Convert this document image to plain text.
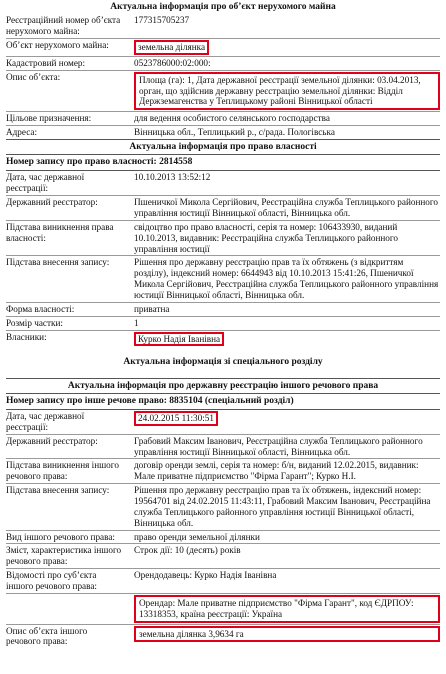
Актуальна інформація про об’єкт нерухомого майна
Реєстраційний номер об’єкта нерухомого майна:	177315705237
Об’єкт нерухомого майна:	земельна ділянка
Кадастровий номер:	0523786000:02:000:
Опис об’єкта:	Площа (га): 1, Дата державної реєстрації земельної ділянки: 03.04.2013, орган, що здійснив державну реєстрацію земельної ділянки: Відділ Держземагенства у Теплицькому районі Вінницької області

Цільове призначення:	для ведення особистого селянського господарства
Адреса:	Вінницька обл., Теплицький р., с/рада. Пологівська
Актуальна інформація про право власності
Номер запису про право власності: 2814558
Дата, час державної реєстрації:	10.10.2013 13:52:12
Державний реєстратор:	Пшеничкої Микола Сергійович, Реєстраційна служба Теплицького районного управління юстиції Вінницької області, Вінницька обл.
Підстава виникнення права власності:	свідоцтво про право власності, серія та номер: 106433930, виданий 10.10.2013, видавник: Реєстраційна служба Теплицького районного управління юстиції
Підстава внесення запису:	Рішення про державну реєстрацію прав та їх обтяжень (з відкриттям розділу), індексний номер: 6644943 від 10.10.2013 15:41:26, Пшеничкої Микола Сергійович, Реєстраційна служба Теплицького районного управління юстиції Вінницької області, Вінницька обл.
Форма власності:	приватна
Розмір частки:	1
Власники:	Курко Надія Іванівна
Актуальна інформація зі спеціального розділу
Актуальна інформація про державну реєстрацію іншого речового права
Номер запису про інше речове право: 8835104 (спеціальний розділ)
Дата, час державної реєстрації:	24.02.2015 11:30:51
Державний реєстратор:	Грабовий Максим Іванович, Реєстраційна служба Теплицького районного управління юстиції Вінницької області, Вінницька обл.
Підстава виникнення іншого речового права:	договір оренди землі, серія та номер: б/н, виданий 12.02.2015, видавник: Мале приватне підприємство "Фірма Гарант"; Курко Н.І.
Підстава внесення запису:	Рішення про державну реєстрацію прав та їх обтяжень, індексний номер: 19564701 від 24.02.2015 11:43:11, Грабовий Максим Іванович, Реєстраційна служба Теплицького районного управління юстиції Вінницької області, Вінницька обл.
Вид іншого речового права:	право оренди земельної ділянки
Зміст, характеристика іншого речового права:	Строк дії: 10 (десять) років
Відомості про суб’єкта іншого речового права:	Орендодавець: Курко Надія Іванівна

	Орендар: Мале приватне підприємство "Фірма Гарант", код ЄДРПОУ: 13318353, країна реєстрації: Україна

Опис об’єкта іншого речового права:	земельна ділянка 3,9634 га
